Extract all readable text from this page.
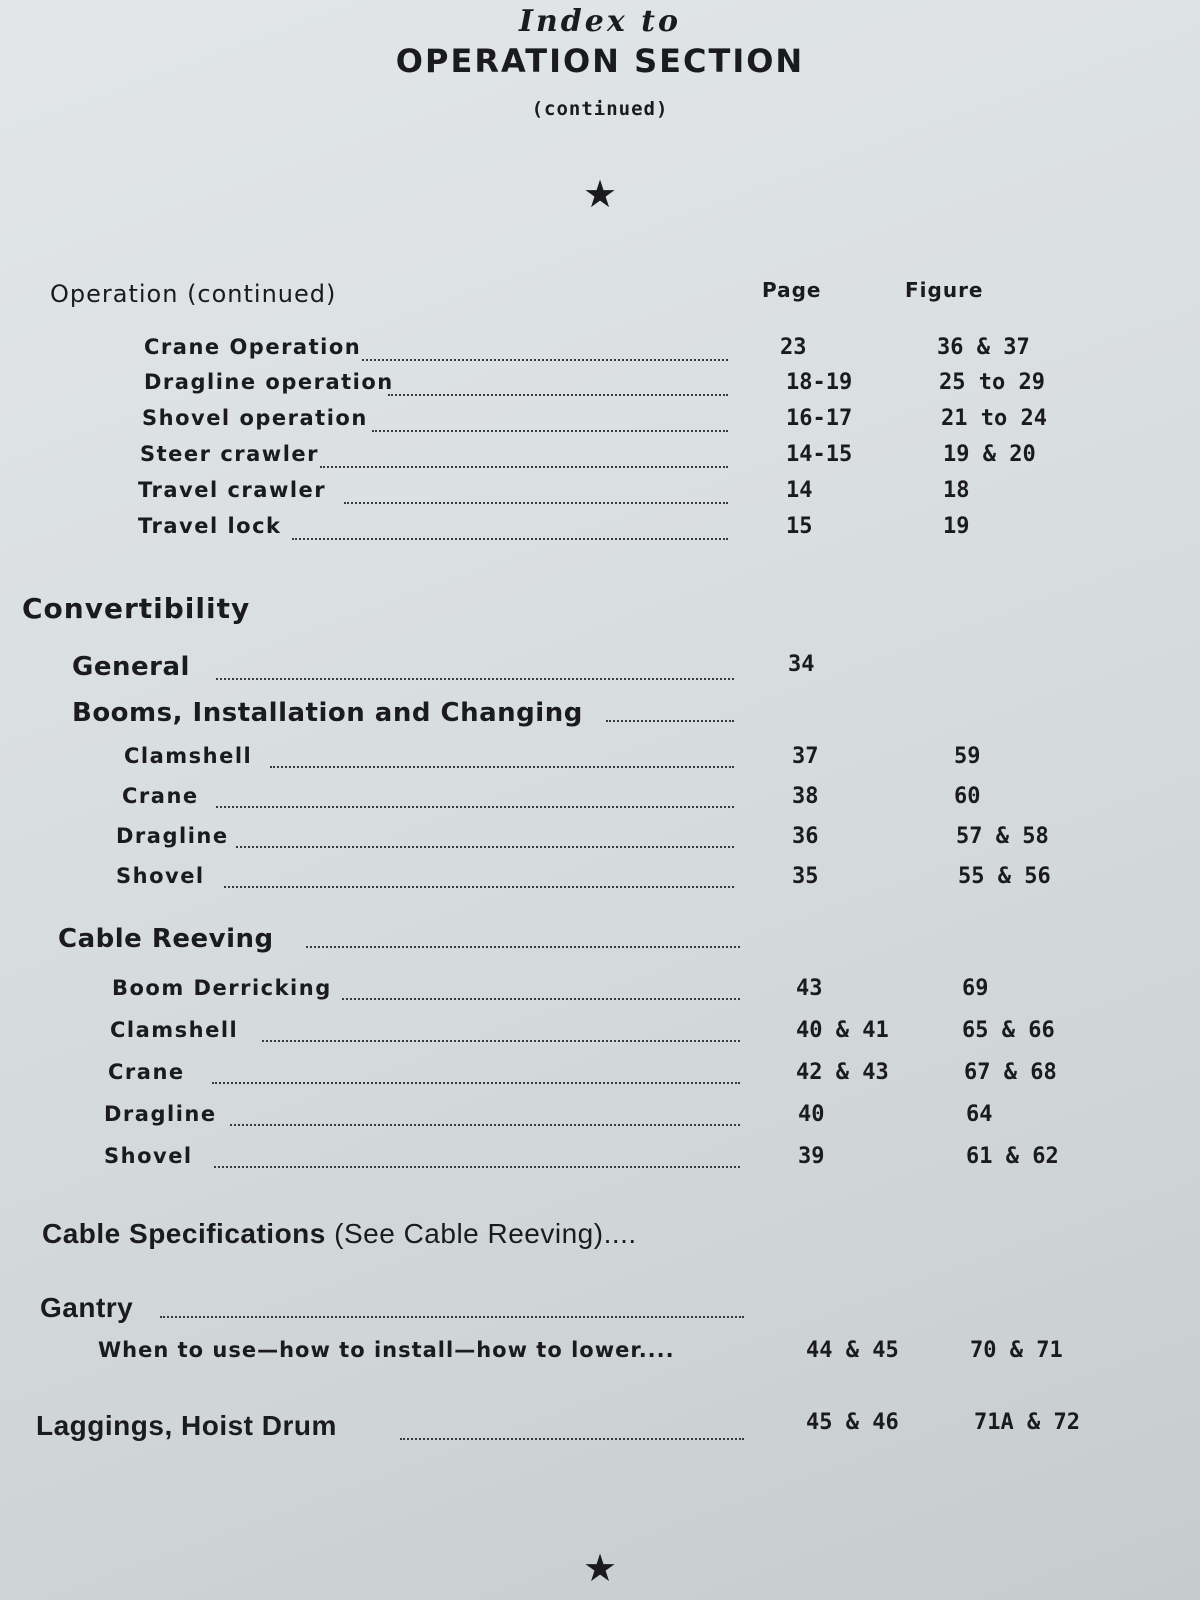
Index to
OPERATION SECTION
(continued)
★
Operation (continued)	Page	Figure
Crane Operation	23	36 & 37
Dragline operation	18-19	25 to 29
Shovel operation	16-17	21 to 24
Steer crawler	14-15	19 & 20
Travel crawler	14	18
Travel lock	15	19
Convertibility
General	34
Booms, Installation and Changing
Clamshell	37	59
Crane	38	60
Dragline	36	57 & 58
Shovel	35	55 & 56
Cable Reeving
Boom Derricking	43	69
Clamshell	40 & 41	65 & 66
Crane	42 & 43	67 & 68
Dragline	40	64
Shovel	39	61 & 62
Cable Specifications (See Cable Reeving)....
Gantry
When to use—how to install—how to lower....	44 & 45	70 & 71
Laggings, Hoist Drum	45 & 46	71A & 72
★
